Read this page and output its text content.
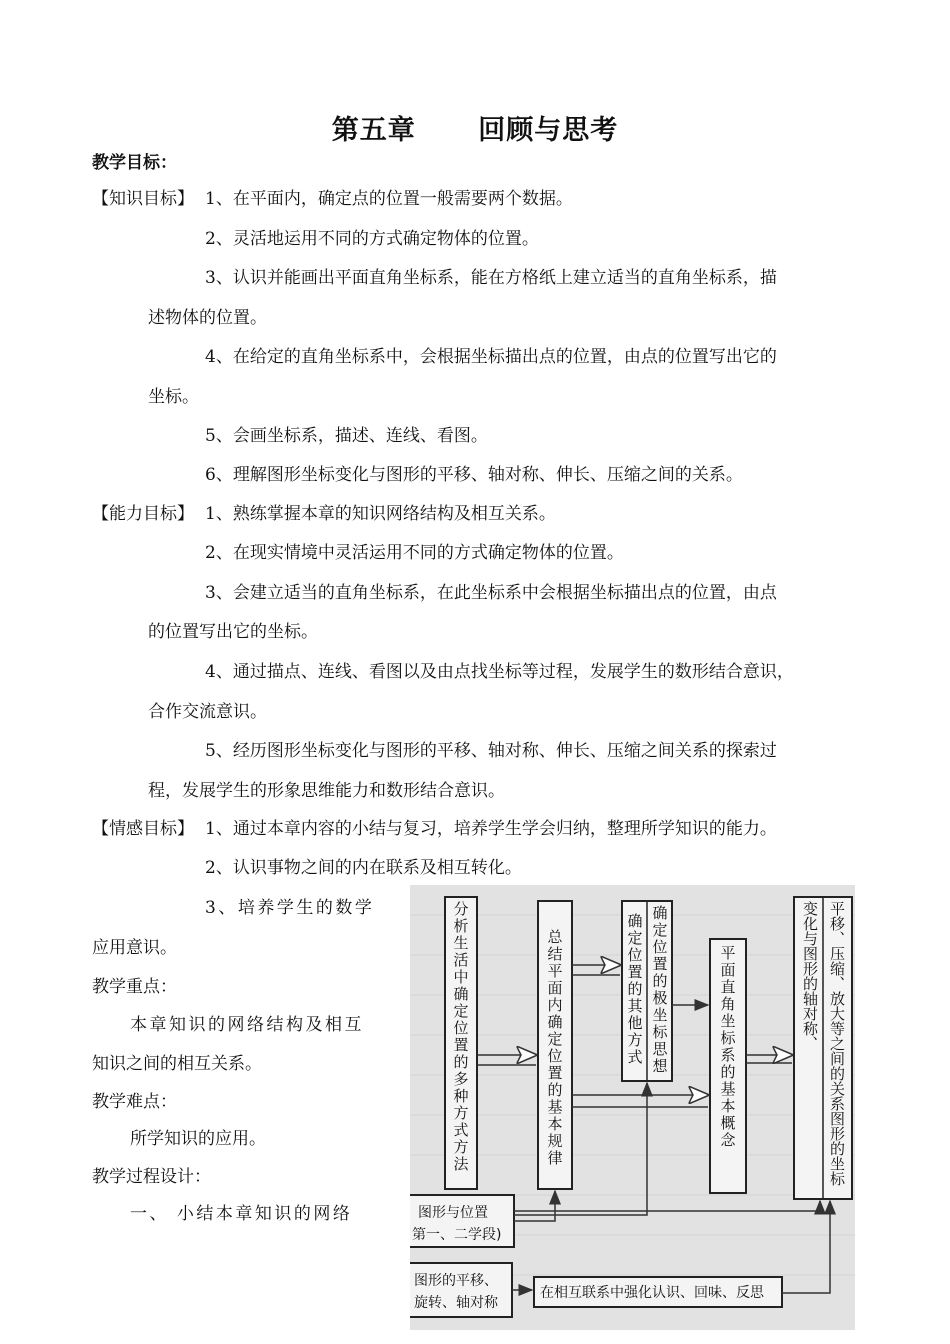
第五章      回顾与思考
教学目标：
【知识目标】 1、在平面内，确定点的位置一般需要两个数据。
2、灵活地运用不同的方式确定物体的位置。
3、认识并能画出平面直角坐标系，能在方格纸上建立适当的直角坐标系，描
述物体的位置。
4、在给定的直角坐标系中，会根据坐标描出点的位置，由点的位置写出它的
坐标。
5、会画坐标系，描述、连线、看图。
6、理解图形坐标变化与图形的平移、轴对称、伸长、压缩之间的关系。
【能力目标】 1、熟练掌握本章的知识网络结构及相互关系。
2、在现实情境中灵活运用不同的方式确定物体的位置。
3、会建立适当的直角坐标系，在此坐标系中会根据坐标描出点的位置，由点
的位置写出它的坐标。
4、通过描点、连线、看图以及由点找坐标等过程，发展学生的数形结合意识，
合作交流意识。
5、经历图形坐标变化与图形的平移、轴对称、伸长、压缩之间关系的探索过
程，发展学生的形象思维能力和数形结合意识。
【情感目标】 1、通过本章内容的小结与复习，培养学生学会归纳，整理所学知识的能力。
2、认识事物之间的内在联系及相互转化。
3、培养学生的数学
应用意识。
教学重点：
本章知识的网络结构及相互
知识之间的相互关系。
教学难点：
所学知识的应用。
教学过程设计：
一、 小结本章知识的网络
分析生活中确定位置的多种方式方法
总结平面内确定位置的基本规律
确定位置的极坐标思想
确定位置的其他方式
平面直角坐标系的基本概念	平移、压缩、放大等之间的关系图形的坐标变化与图形的轴对称、
图形与位置
第一、二学段)
图形的平移、
旋转、轴对称
在相互联系中强化认识、回味、反思
